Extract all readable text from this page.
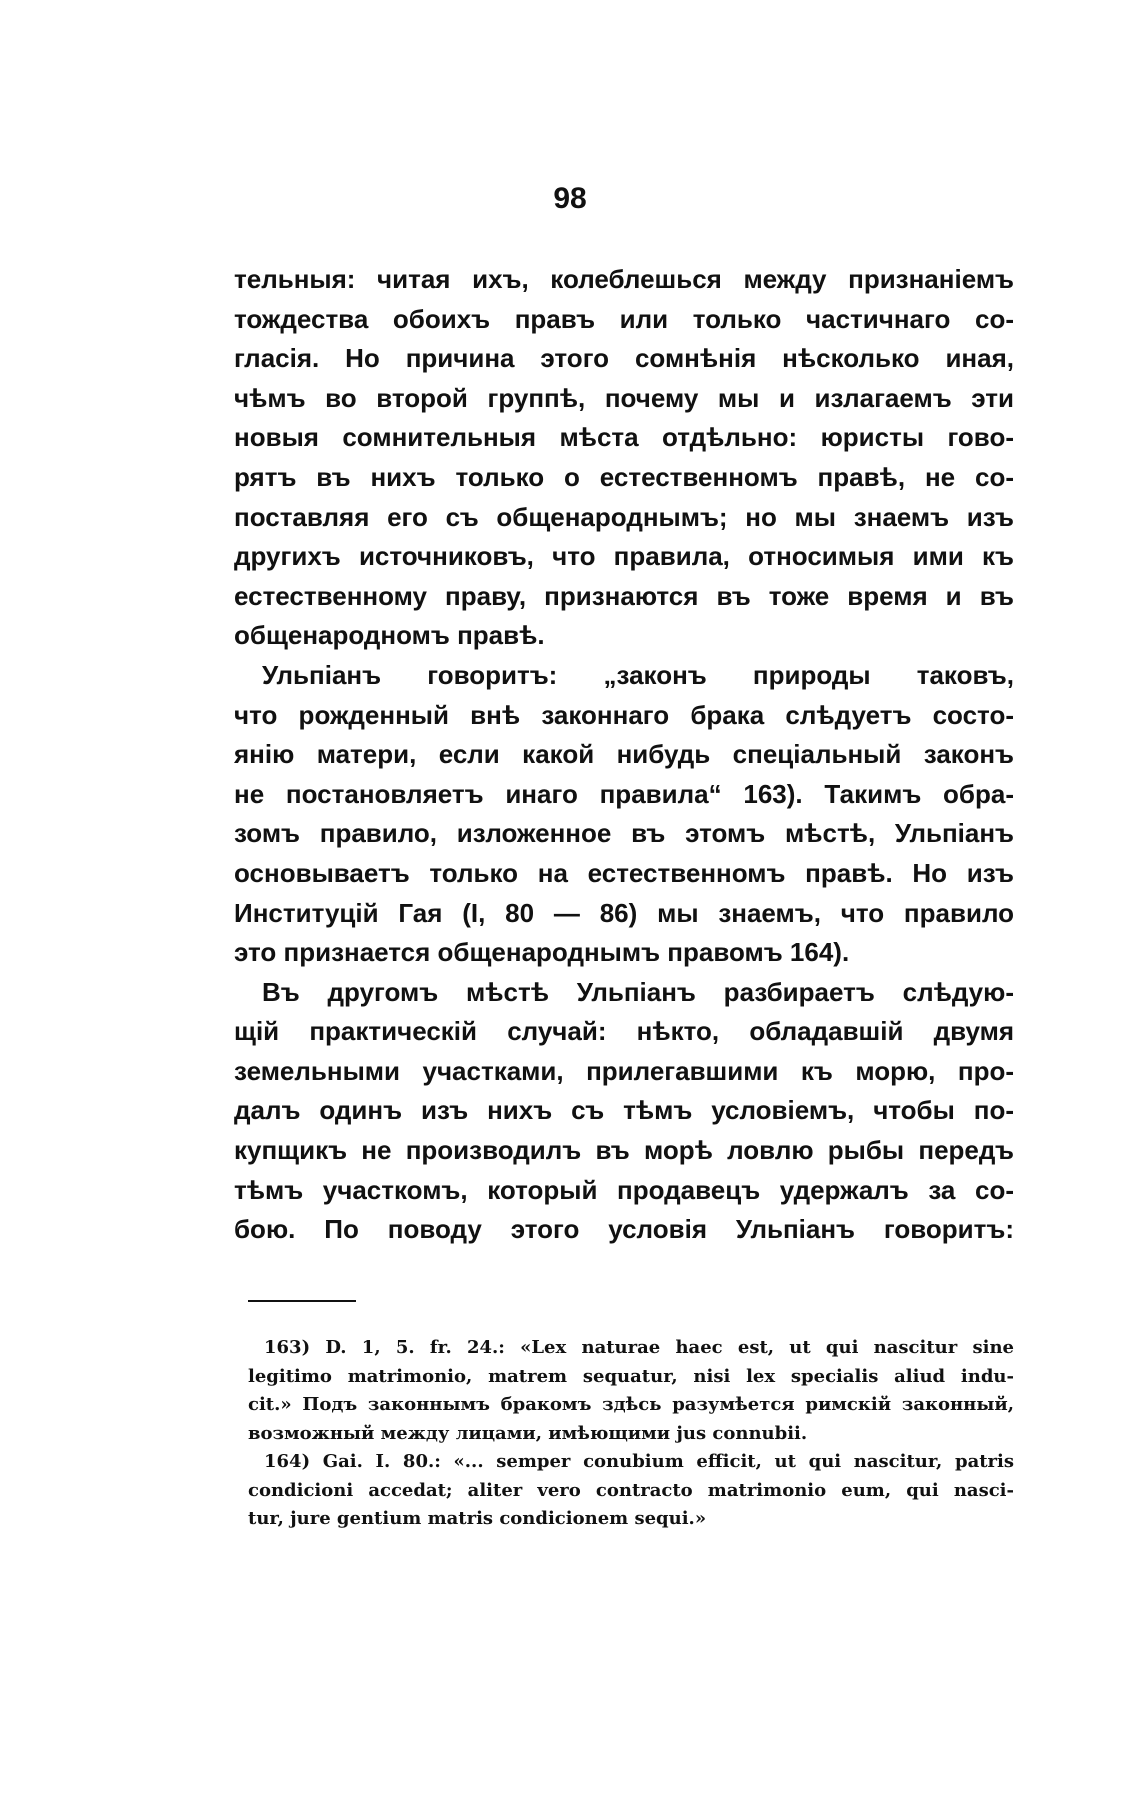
98
тельныя: читая ихъ, колеблешься между признаніемъ
тождества обоихъ правъ или только частичнаго со-
гласія. Но причина этого сомнѣнія нѣсколько иная,
чѣмъ во второй группѣ, почему мы и излагаемъ эти
новыя сомнительныя мѣста отдѣльно: юристы гово-
рятъ въ нихъ только о естественномъ правѣ, не со-
поставляя его съ общенароднымъ; но мы знаемъ изъ
другихъ источниковъ, что правила, относимыя ими къ
естественному праву, признаются въ тоже время и въ
общенародномъ правѣ.
Ульпіанъ говоритъ: „законъ природы таковъ,
что рожденный внѣ законнаго брака слѣдуетъ состо-
янію матери, если какой нибудь спеціальный законъ
не постановляетъ инаго правила“ 163). Такимъ обра-
зомъ правило, изложенное въ этомъ мѣстѣ, Ульпіанъ
основываетъ только на естественномъ правѣ. Но изъ
Институцій Гая (I, 80 — 86) мы знаемъ, что правило
это признается общенароднымъ правомъ 164).
Въ другомъ мѣстѣ Ульпіанъ разбираетъ слѣдую-
щій практическій случай: нѣкто, обладавшій двумя
земельными участками, прилегавшими къ морю, про-
далъ одинъ изъ нихъ съ тѣмъ условіемъ, чтобы по-
купщикъ не производилъ въ морѣ ловлю рыбы передъ
тѣмъ участкомъ, который продавецъ удержалъ за со-
бою. По поводу этого условія Ульпіанъ говоритъ:
163) D. 1, 5. fr. 24.: «Lex naturae haec est, ut qui nascitur sine
legitimo matrimonio, matrem sequatur, nisi lex specialis aliud indu-
cit.» Подъ законнымъ бракомъ здѣсь разумѣется римскій законный,
возможный между лицами, имѣющими jus connubii.
164) Gai. I. 80.: «... semper conubium efficit, ut qui nascitur, patris
condicioni accedat; aliter vero contracto matrimonio eum, qui nasci-
tur, jure gentium matris condicionem sequi.»
